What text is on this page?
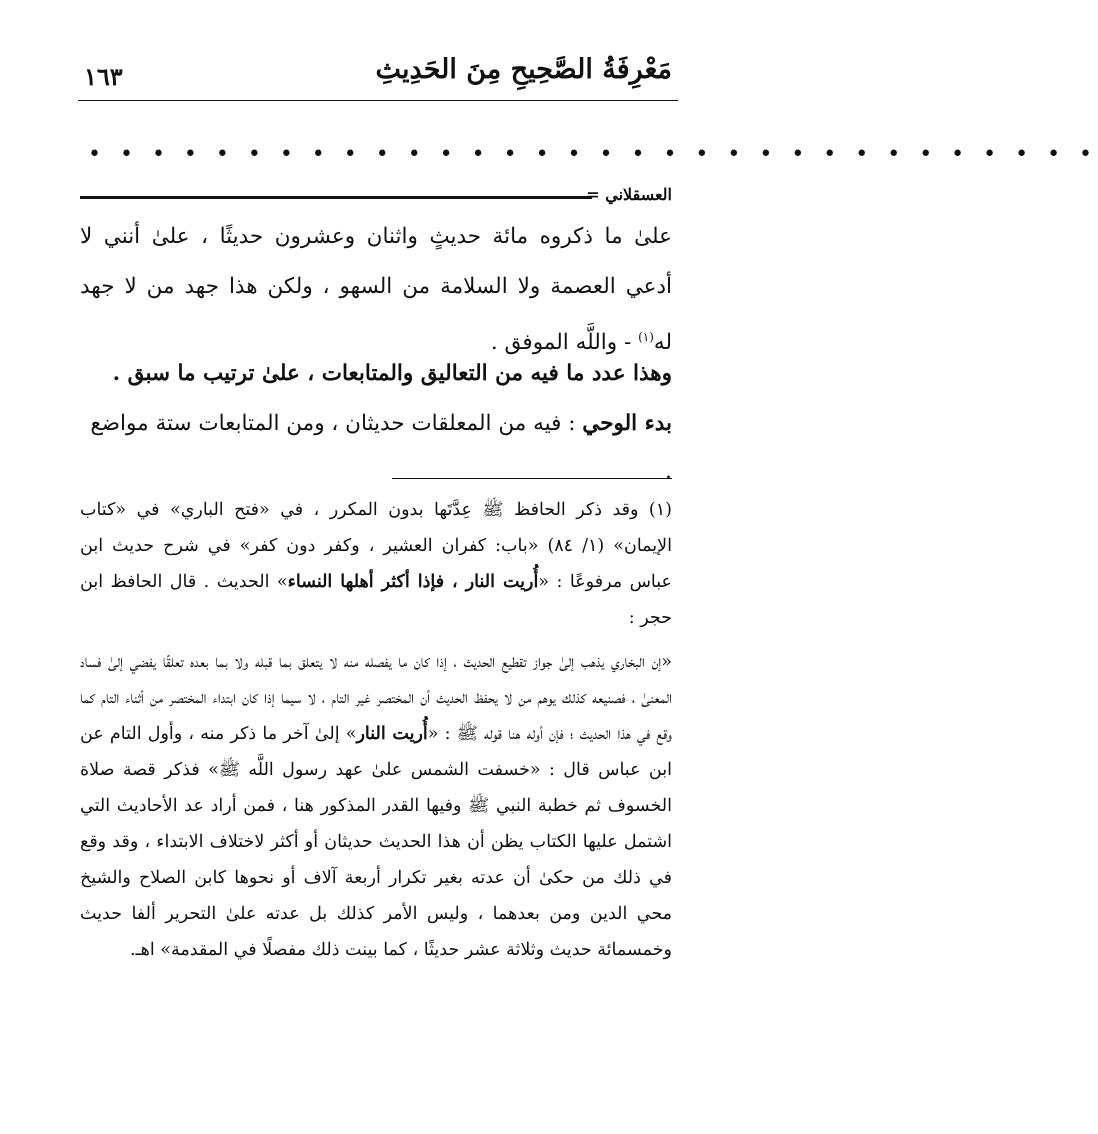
مَعْرِفَةُ الصَّحِيحِ مِنَ الحَدِيثِ
١٦٣
• • • • • • • • • • • • • • • • • • • • • • • • • • • • • • • •
العسقلاني =

علىٰ ما ذكروه مائة حديثٍ واثنان وعشرون حديثًا ، علىٰ أنني لا أدعي العصمة ولا السلامة من السهو ، ولكن هذا جهد من لا جهد له$^{(١)}$ - واللَّه الموفق .

وهذا عدد ما فيه من التعاليق والمتابعات ، علىٰ ترتيب ما سبق .
بدء الوحي : فيه من المعلقات حديثان ، ومن المتابعات ستة مواضع .

(١) وقد ذكر الحافظ ﷺ عِدَّتَها بدون المكرر ، في «فتح الباري» في «كتاب الإيمان» (١/ ٨٤) «باب: كفران العشير ، وكفر دون كفر» في شرح حديث ابن عباس مرفوعًا : «أُريت النار ، فإذا أكثر أهلها النساء» الحديث . قال الحافظ ابن حجر :

«إن البخاري يذهب إلىٰ جواز تقطيع الحديث ، إذا كان ما يفصله منه لا يتعلق بما قبله ولا بما بعده تعلقًا يفضي إلىٰ فساد المعنىٰ ، فصنيعه كذلك يوهم من لا يحفظ الحديث أن المختصر غير التام ، لا سيما إذا كان ابتداء المختصر من أثناء التام كما وقع في هذا الحديث ؛ فإن أوله هنا قوله ﷺ : «أُريت النار» إلىٰ آخر ما ذكر منه ، وأول التام عن ابن عباس قال : «خسفت الشمس علىٰ عهد رسول اللَّه ﷺ» فذكر قصة صلاة الخسوف ثم خطبة النبي ﷺ وفيها القدر المذكور هنا ، فمن أراد عد الأحاديث التي اشتمل عليها الكتاب يظن أن هذا الحديث حديثان أو أكثر لاختلاف الابتداء ، وقد وقع في ذلك من حكىٰ أن عدته بغير تكرار أربعة آلاف أو نحوها كابن الصلاح والشيخ محي الدين ومن بعدهما ، وليس الأمر كذلك بل عدته علىٰ التحرير ألفا حديث وخمسمائة حديث وثلاثة عشر حديثًا ، كما بينت ذلك مفصلًا في المقدمة» اهـ.
